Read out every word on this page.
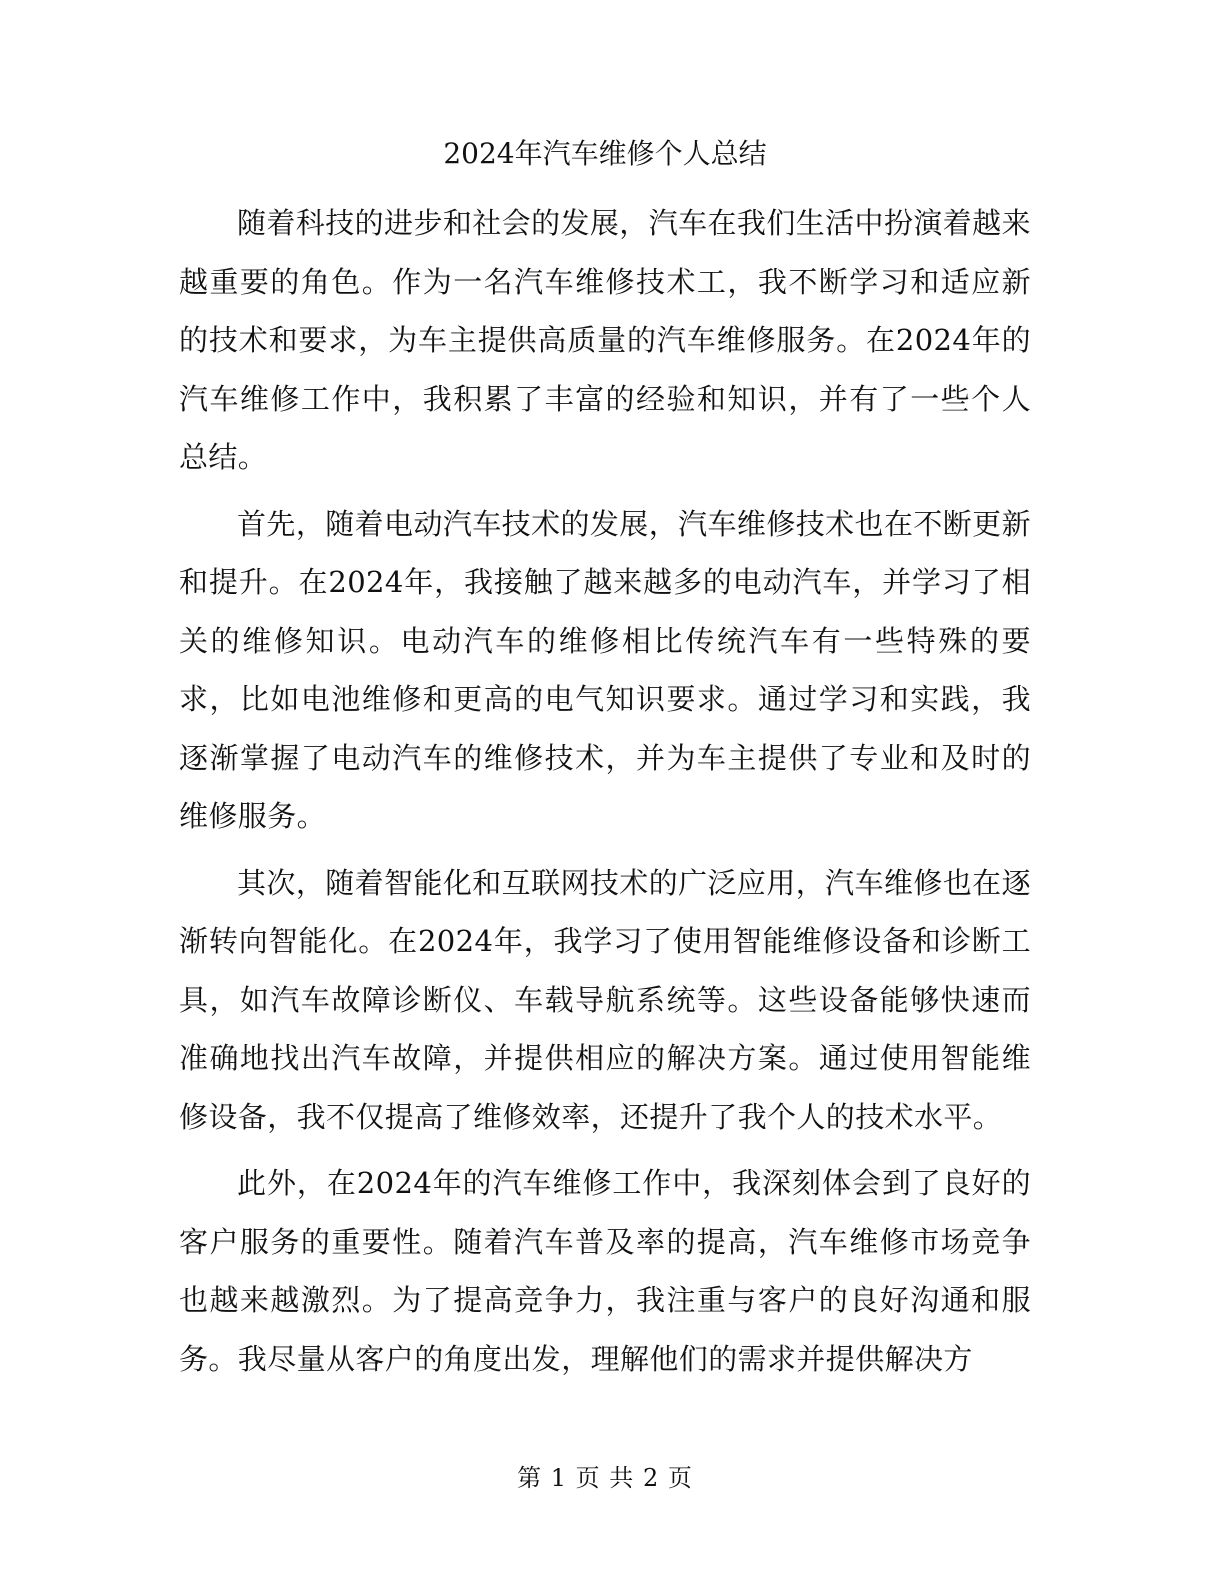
2024年汽车维修个人总结

随着科技的进步和社会的发展，汽车在我们生活中扮演着越来越重要的角色。作为一名汽车维修技术工，我不断学习和适应新的技术和要求，为车主提供高质量的汽车维修服务。在2024年的汽车维修工作中，我积累了丰富的经验和知识，并有了一些个人总结。

首先，随着电动汽车技术的发展，汽车维修技术也在不断更新和提升。在2024年，我接触了越来越多的电动汽车，并学习了相关的维修知识。电动汽车的维修相比传统汽车有一些特殊的要求，比如电池维修和更高的电气知识要求。通过学习和实践，我逐渐掌握了电动汽车的维修技术，并为车主提供了专业和及时的维修服务。

其次，随着智能化和互联网技术的广泛应用，汽车维修也在逐渐转向智能化。在2024年，我学习了使用智能维修设备和诊断工具，如汽车故障诊断仪、车载导航系统等。这些设备能够快速而准确地找出汽车故障，并提供相应的解决方案。通过使用智能维修设备，我不仅提高了维修效率，还提升了我个人的技术水平。

此外，在2024年的汽车维修工作中，我深刻体会到了良好的客户服务的重要性。随着汽车普及率的提高，汽车维修市场竞争也越来越激烈。为了提高竞争力，我注重与客户的良好沟通和服务。我尽量从客户的角度出发，理解他们的需求并提供解决方

第 1 页 共 2 页
